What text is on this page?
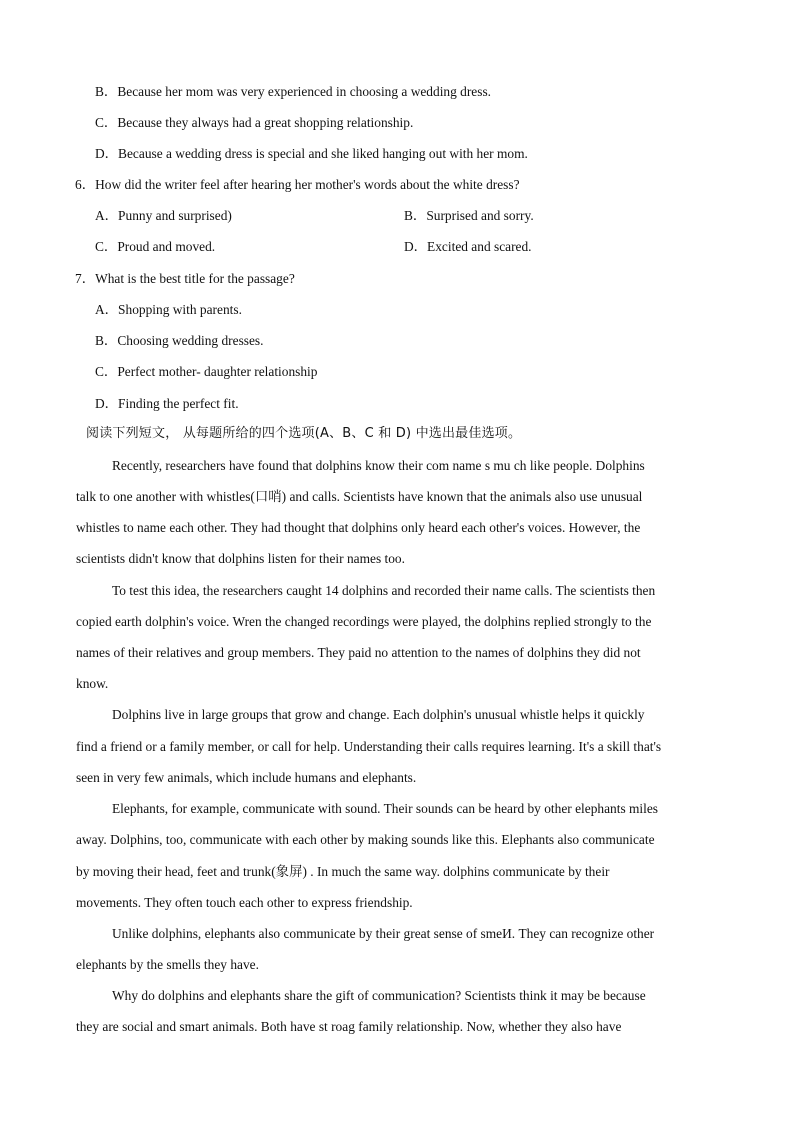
B．Because her mom was very experienced in choosing a wedding dress.
C．Because they always had a great shopping relationship.
D．Because a wedding dress is special and she liked hanging out with her mom.
6．How did the writer feel after hearing her mother's words about the white dress?
A．Punny and surprised)	B．Surprised and sorry.
C．Proud and moved.	D．Excited and scared.
7．What is the best title for the passage?
A．Shopping with parents.
B．Choosing wedding dresses.
C．Perfect mother- daughter relationship
D．Finding the perfect fit.
阅读下列短文， 从每题所给的四个选项(A、B、C 和 D) 中选出最佳选项。
Recently, researchers have found that dolphins know their com name s mu ch like people. Dolphins
talk to one another with whistles(口哨) and calls. Scientists have known that the animals also use unusual
whistles to name each other. They had thought that dolphins only heard each other's voices. However, the
scientists didn't know that dolphins listen for their names too.
To test this idea, the researchers caught 14 dolphins and recorded their name calls. The scientists then
copied earth dolphin's voice. Wren the changed recordings were played, the dolphins replied strongly to the
names of their relatives and group members. They paid no attention to the names of dolphins they did not
know.
Dolphins live in large groups that grow and change. Each dolphin's unusual whistle helps it quickly
find a friend or a family member, or call for help. Understanding their calls requires learning. It's a skill that's
seen in very few animals, which include humans and elephants.
Elephants, for example, communicate with sound. Their sounds can be heard by other elephants miles
away. Dolphins, too, communicate with each other by making sounds like this. Elephants also communicate
by moving their head, feet and trunk(象屏) . In much the same way. dolphins communicate by their
movements. They often touch each other to express friendship.
Unlike dolphins, elephants also communicate by their great sense of smeИ. They can recognize other
elephants by the smells they have.
Why do dolphins and elephants share the gift of communication? Scientists think it may be because
they are social and smart animals. Both have st roag family relationship. Now, whether they also have
